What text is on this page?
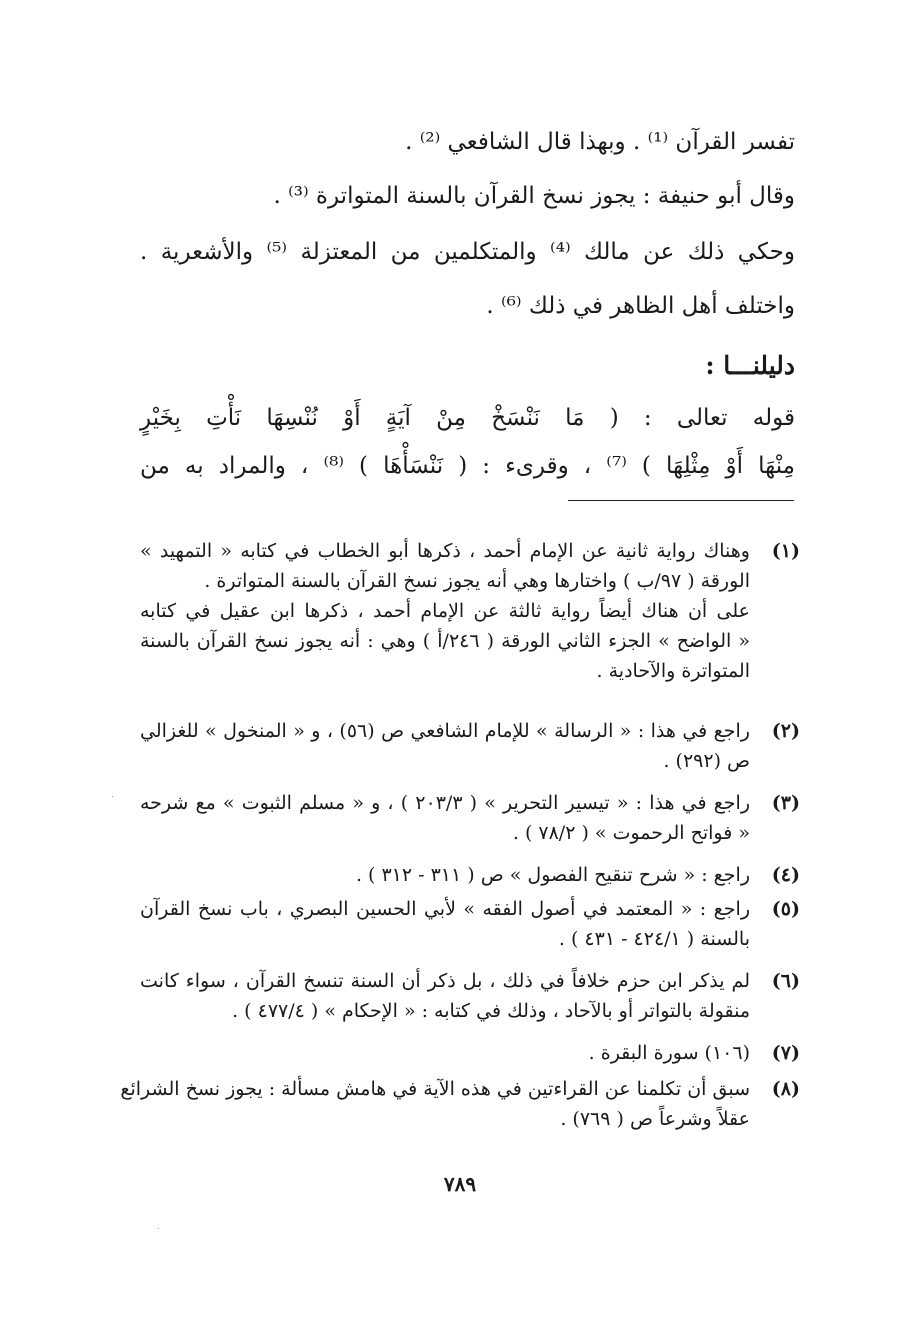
تفسر القرآن ⁽¹⁾ . وبهذا قال الشافعي ⁽²⁾ .
وقال أبو حنيفة : يجوز نسخ القرآن بالسنة المتواترة ⁽³⁾ .
وحكي ذلك عن مالك ⁽⁴⁾ والمتكلمين من المعتزلة ⁽⁵⁾ والأشعرية .
واختلف أهل الظاهر في ذلك ⁽⁶⁾ .
دليلنـــا :
قوله تعالى : ( مَا نَنْسَخْ مِنْ آيَةٍ أَوْ نُنْسِهَا نَأْتِ بِخَيْرٍ
مِنْهَا أَوْ مِثْلِهَا ) ⁽⁷⁾ ، وقرىء : ( نَنْسَأْهَا ) ⁽⁸⁾ ، والمراد به من
(١)
وهناك رواية ثانية عن الإمام أحمد ، ذكرها أبو الخطاب في كتابه « التمهيد »
الورقة ( ٩٧/ب ) واختارها وهي أنه يجوز نسخ القرآن بالسنة المتواترة .
على أن هناك أيضاً رواية ثالثة عن الإمام أحمد ، ذكرها ابن عقيل في كتابه
« الواضح » الجزء الثاني الورقة ( ٢٤٦/أ ) وهي : أنه يجوز نسخ القرآن بالسنة
المتواترة والآحادية .
(٢)
راجع في هذا : « الرسالة » للإمام الشافعي ص (٥٦) ، و « المنخول » للغزالي
ص (٢٩٢) .
(٣)
راجع في هذا : « تيسير التحرير » ( ٢٠٣/٣ ) ، و « مسلم الثبوت » مع شرحه
« فواتح الرحموت » ( ٧٨/٢ ) .
(٤)
راجع : « شرح تنقيح الفصول » ص ( ٣١١ - ٣١٢ ) .
(٥)
راجع : « المعتمد في أصول الفقه » لأبي الحسين البصري ، باب نسخ القرآن
بالسنة ( ٤٢٤/١ - ٤٣١ ) .
(٦)
لم يذكر ابن حزم خلافاً في ذلك ، بل ذكر أن السنة تنسخ القرآن ، سواء كانت
منقولة بالتواتر أو بالآحاد ، وذلك في كتابه : « الإحكام » ( ٤٧٧/٤ ) .
(٧)
(١٠٦) سورة البقرة .
(٨)
سبق أن تكلمنا عن القراءتين في هذه الآية في هامش مسألة : يجوز نسخ الشرائع
عقلاً وشرعاً ص ( ٧٦٩) .
٧٨٩
